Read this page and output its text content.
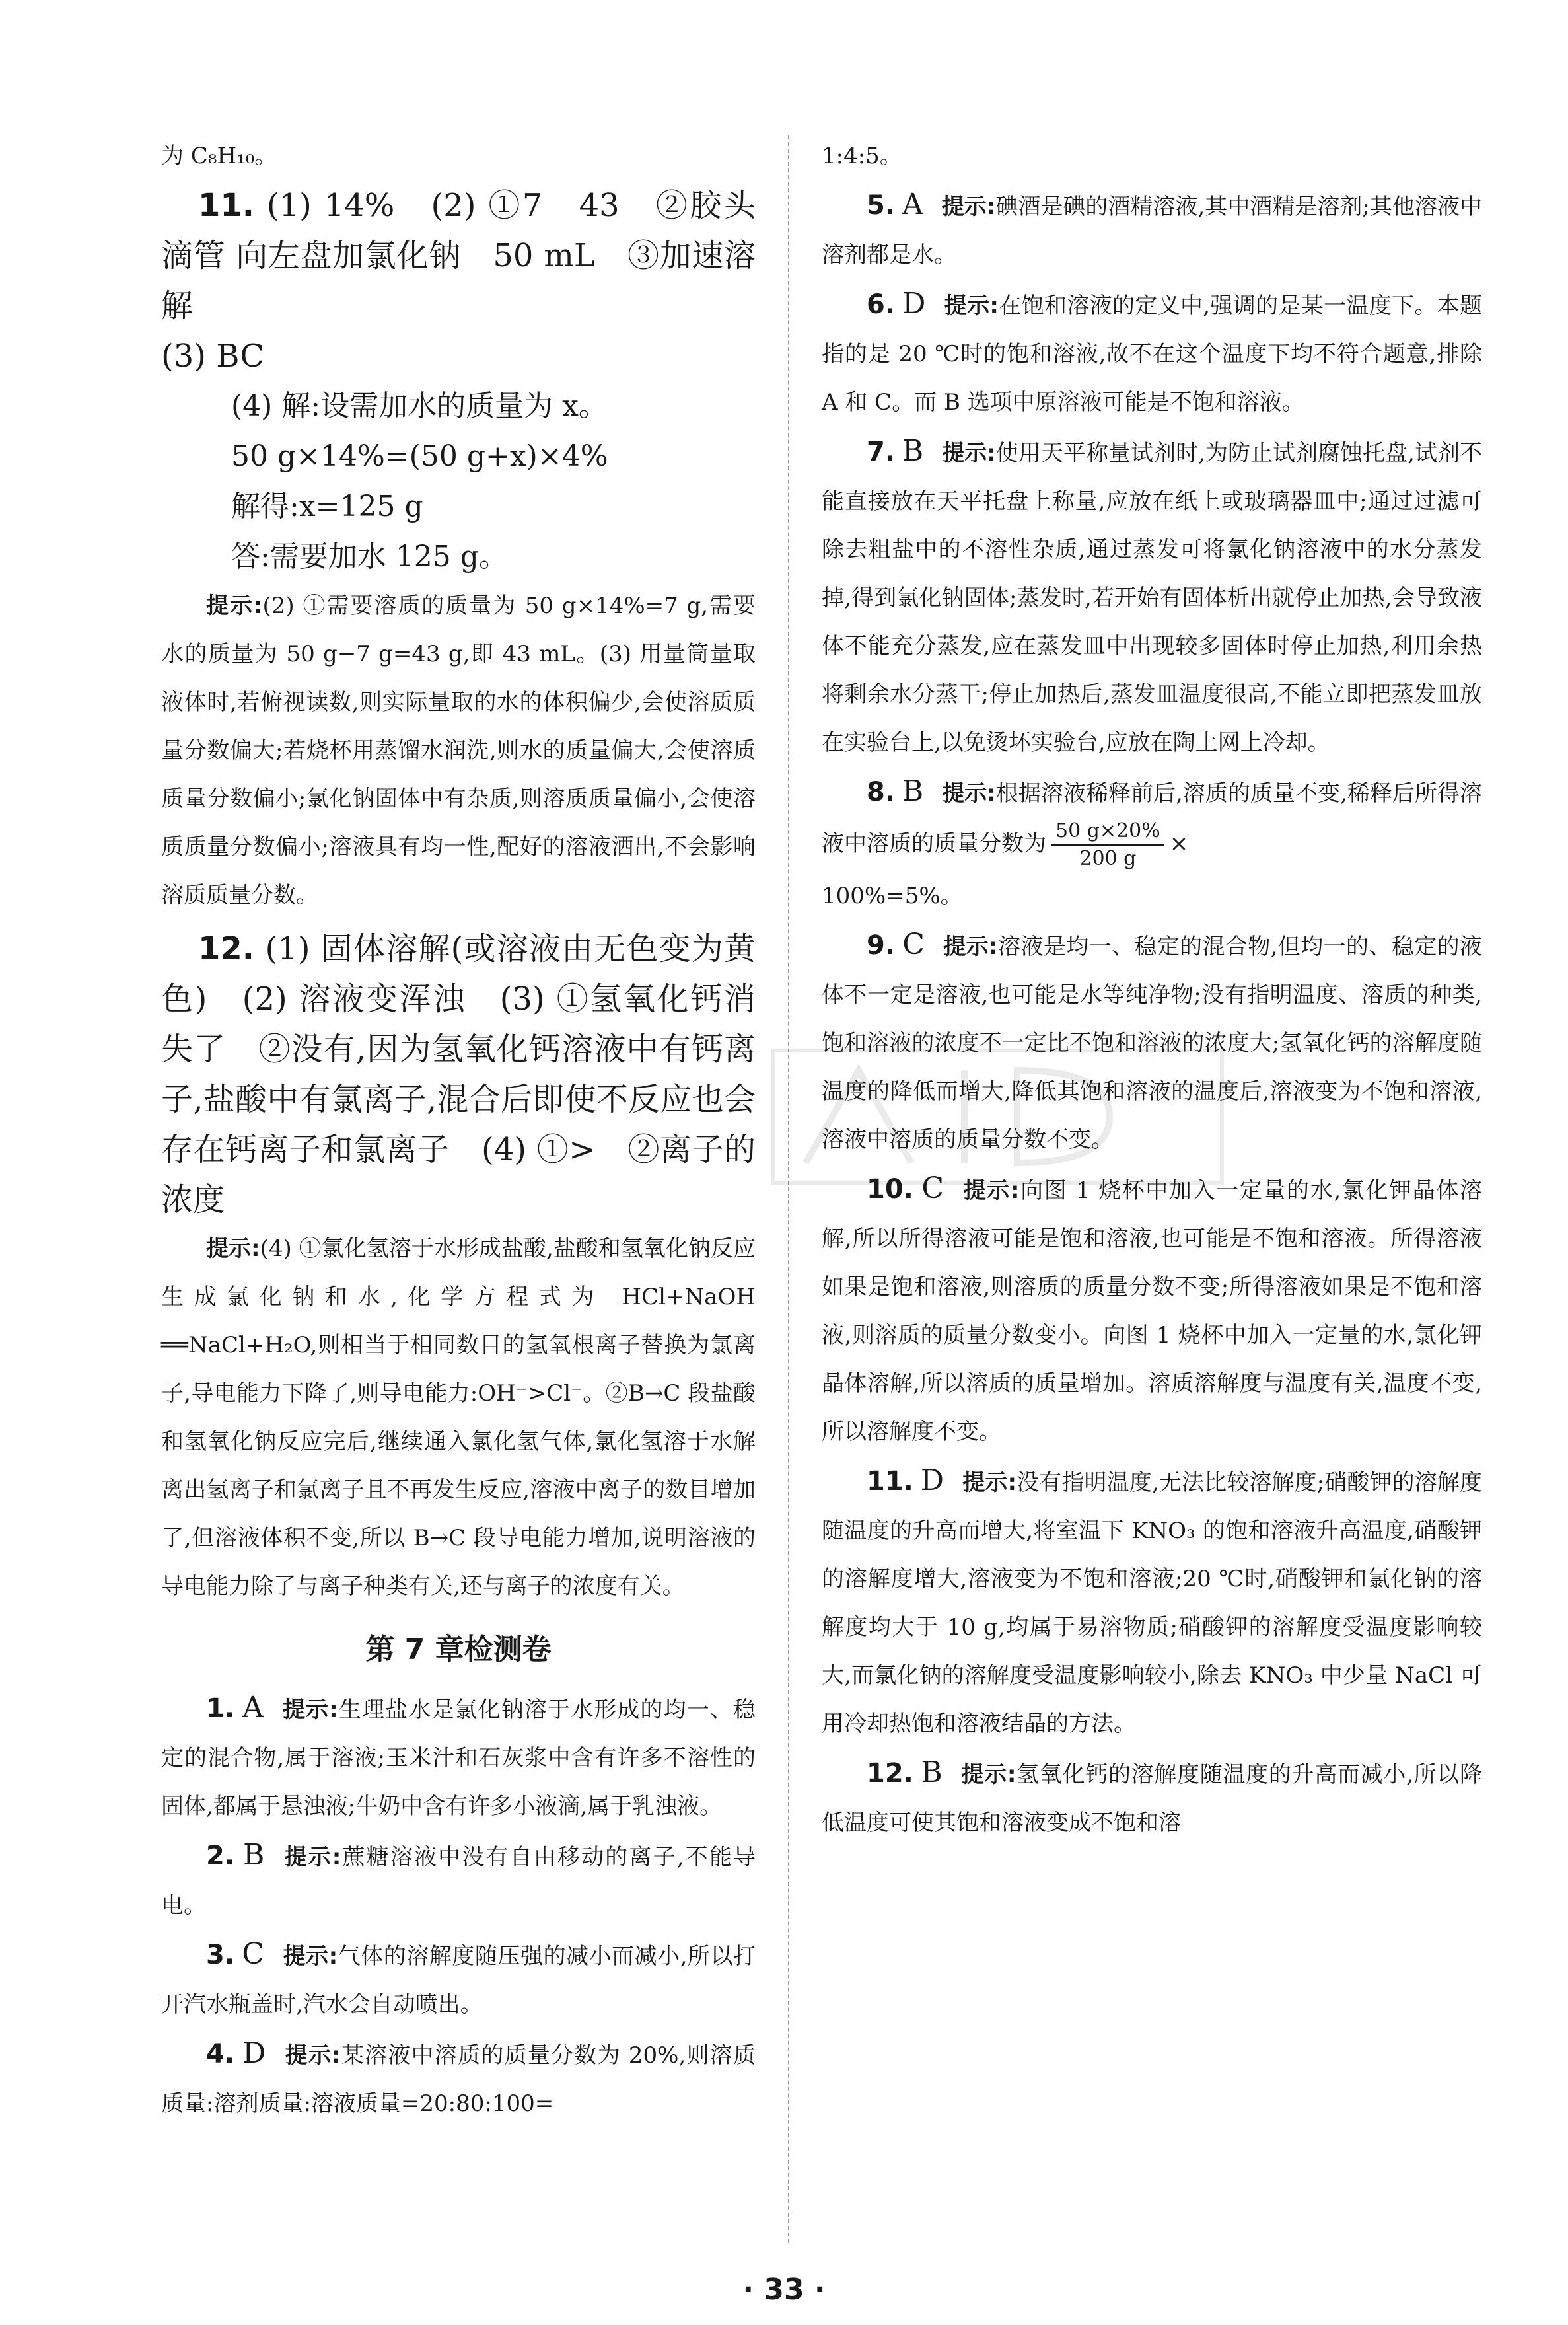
为 C₈H₁₀。

11. (1) 14%　(2) ①7　43　②胶头滴管 向左盘加氯化钠　50 mL　③加速溶解

(3) BC

(4) 解:设需加水的质量为 x。

50 g×14%=(50 g+x)×4%

解得:x=125 g

答:需要加水 125 g。

提示:(2) ①需要溶质的质量为 50 g×14%=7 g,需要水的质量为 50 g−7 g=43 g,即 43 mL。(3) 用量筒量取液体时,若俯视读数,则实际量取的水的体积偏少,会使溶质质量分数偏大;若烧杯用蒸馏水润洗,则水的质量偏大,会使溶质质量分数偏小;氯化钠固体中有杂质,则溶质质量偏小,会使溶质质量分数偏小;溶液具有均一性,配好的溶液洒出,不会影响溶质质量分数。

12. (1) 固体溶解(或溶液由无色变为黄色)　(2) 溶液变浑浊　(3) ①氢氧化钙消失了　②没有,因为氢氧化钙溶液中有钙离子,盐酸中有氯离子,混合后即使不反应也会存在钙离子和氯离子　(4) ①>　②离子的浓度

提示:(4) ①氯化氢溶于水形成盐酸,盐酸和氢氧化钠反应生成氯化钠和水,化学方程式为 HCl+NaOH ══NaCl+H₂O,则相当于相同数目的氢氧根离子替换为氯离子,导电能力下降了,则导电能力:OH⁻>Cl⁻。②B→C 段盐酸和氢氧化钠反应完后,继续通入氯化氢气体,氯化氢溶于水解离出氢离子和氯离子且不再发生反应,溶液中离子的数目增加了,但溶液体积不变,所以 B→C 段导电能力增加,说明溶液的导电能力除了与离子种类有关,还与离子的浓度有关。

第 7 章检测卷

1. A 提示:生理盐水是氯化钠溶于水形成的均一、稳定的混合物,属于溶液;玉米汁和石灰浆中含有许多不溶性的固体,都属于悬浊液;牛奶中含有许多小液滴,属于乳浊液。

2. B 提示:蔗糖溶液中没有自由移动的离子,不能导电。

3. C 提示:气体的溶解度随压强的减小而减小,所以打开汽水瓶盖时,汽水会自动喷出。

4. D 提示:某溶液中溶质的质量分数为 20%,则溶质质量:溶剂质量:溶液质量=20:80:100=

1:4:5。

5. A 提示:碘酒是碘的酒精溶液,其中酒精是溶剂;其他溶液中溶剂都是水。

6. D 提示:在饱和溶液的定义中,强调的是某一温度下。本题指的是 20 ℃时的饱和溶液,故不在这个温度下均不符合题意,排除 A 和 C。而 B 选项中原溶液可能是不饱和溶液。

7. B 提示:使用天平称量试剂时,为防止试剂腐蚀托盘,试剂不能直接放在天平托盘上称量,应放在纸上或玻璃器皿中;通过过滤可除去粗盐中的不溶性杂质,通过蒸发可将氯化钠溶液中的水分蒸发掉,得到氯化钠固体;蒸发时,若开始有固体析出就停止加热,会导致液体不能充分蒸发,应在蒸发皿中出现较多固体时停止加热,利用余热将剩余水分蒸干;停止加热后,蒸发皿温度很高,不能立即把蒸发皿放在实验台上,以免烫坏实验台,应放在陶土网上冷却。

8. B 提示:根据溶液稀释前后,溶质的质量不变,稀释后所得溶液中溶质的质量分数为 $\frac{50 g\times 20\%}{200 g}$ ×

100%=5%。

9. C 提示:溶液是均一、稳定的混合物,但均一的、稳定的液体不一定是溶液,也可能是水等纯净物;没有指明温度、溶质的种类,饱和溶液的浓度不一定比不饱和溶液的浓度大;氢氧化钙的溶解度随温度的降低而增大,降低其饱和溶液的温度后,溶液变为不饱和溶液,溶液中溶质的质量分数不变。

10. C 提示:向图 1 烧杯中加入一定量的水,氯化钾晶体溶解,所以所得溶液可能是饱和溶液,也可能是不饱和溶液。所得溶液如果是饱和溶液,则溶质的质量分数不变;所得溶液如果是不饱和溶液,则溶质的质量分数变小。向图 1 烧杯中加入一定量的水,氯化钾晶体溶解,所以溶质的质量增加。溶质溶解度与温度有关,温度不变,所以溶解度不变。

11. D 提示:没有指明温度,无法比较溶解度;硝酸钾的溶解度随温度的升高而增大,将室温下 KNO₃ 的饱和溶液升高温度,硝酸钾的溶解度增大,溶液变为不饱和溶液;20 ℃时,硝酸钾和氯化钠的溶解度均大于 10 g,均属于易溶物质;硝酸钾的溶解度受温度影响较大,而氯化钠的溶解度受温度影响较小,除去 KNO₃ 中少量 NaCl 可用冷却热饱和溶液结晶的方法。

12. B 提示:氢氧化钙的溶解度随温度的升高而减小,所以降低温度可使其饱和溶液变成不饱和溶

· 33 ·
